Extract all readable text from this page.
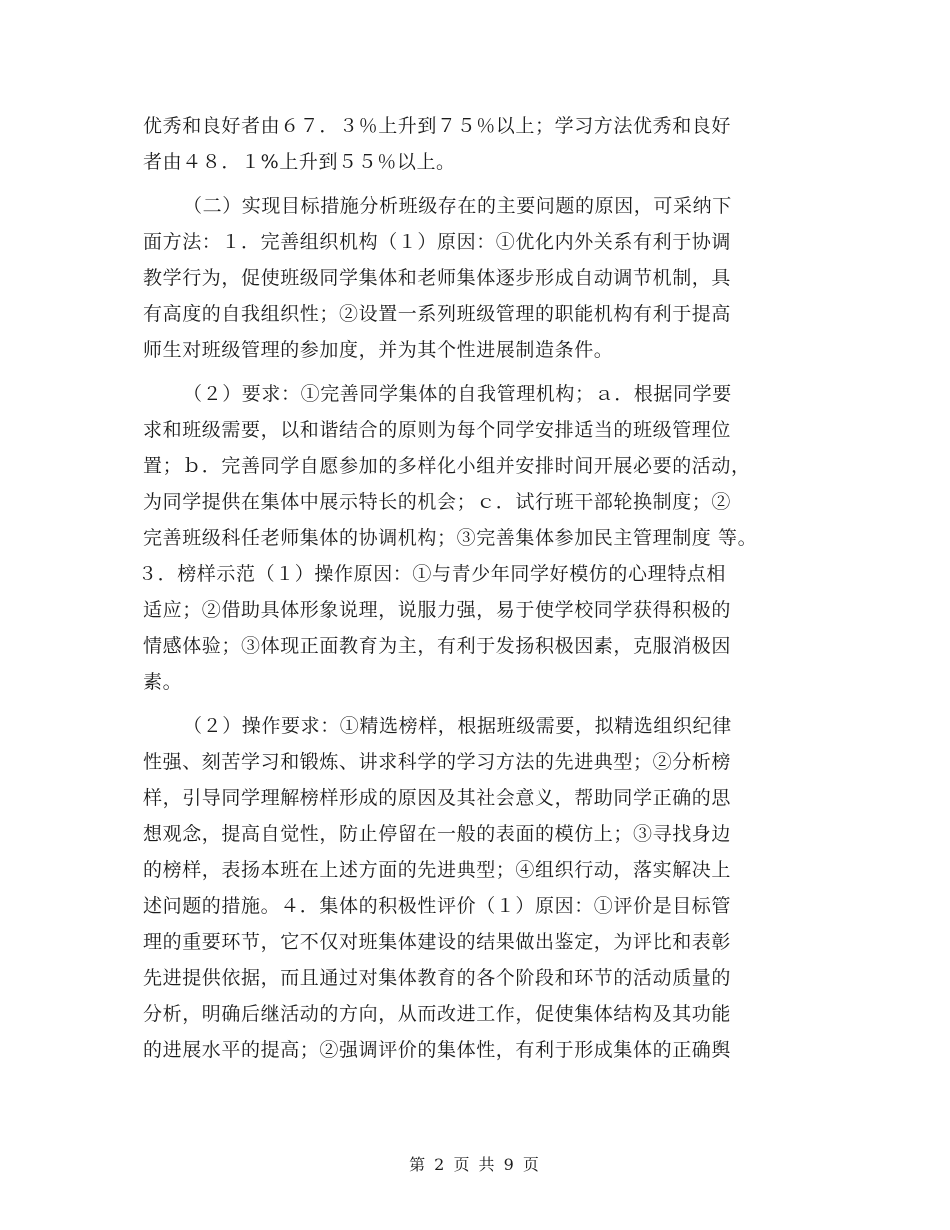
优秀和良好者由６７．３％上升到７５％以上；学习方法优秀和良好
者由４８．１%上升到５５％以上。
（二）实现目标措施分析班级存在的主要问题的原因，可采纳下
面方法：１．完善组织机构（１）原因：①优化内外关系有利于协调
教学行为，促使班级同学集体和老师集体逐步形成自动调节机制，具
有高度的自我组织性；②设置一系列班级管理的职能机构有利于提高
师生对班级管理的参加度，并为其个性进展制造条件。
（２）要求：①完善同学集体的自我管理机构；ａ．根据同学要
求和班级需要，以和谐结合的原则为每个同学安排适当的班级管理位
置；ｂ．完善同学自愿参加的多样化小组并安排时间开展必要的活动，
为同学提供在集体中展示特长的机会；ｃ．试行班干部轮换制度；②
完善班级科任老师集体的协调机构；③完善集体参加民主管理制度 等。
３．榜样示范（１）操作原因：①与青少年同学好模仿的心理特点相
适应；②借助具体形象说理，说服力强，易于使学校同学获得积极的
情感体验；③体现正面教育为主，有利于发扬积极因素，克服消极因
素。
（２）操作要求：①精选榜样，根据班级需要，拟精选组织纪律
性强、刻苦学习和锻炼、讲求科学的学习方法的先进典型；②分析榜
样，引导同学理解榜样形成的原因及其社会意义，帮助同学正确的思
想观念，提高自觉性，防止停留在一般的表面的模仿上；③寻找身边
的榜样，表扬本班在上述方面的先进典型；④组织行动，落实解决上
述问题的措施。４．集体的积极性评价（１）原因：①评价是目标管
理的重要环节，它不仅对班集体建设的结果做出鉴定，为评比和表彰
先进提供依据，而且通过对集体教育的各个阶段和环节的活动质量的
分析，明确后继活动的方向，从而改进工作，促使集体结构及其功能
的进展水平的提高；②强调评价的集体性，有利于形成集体的正确舆
第 2 页 共 9 页
